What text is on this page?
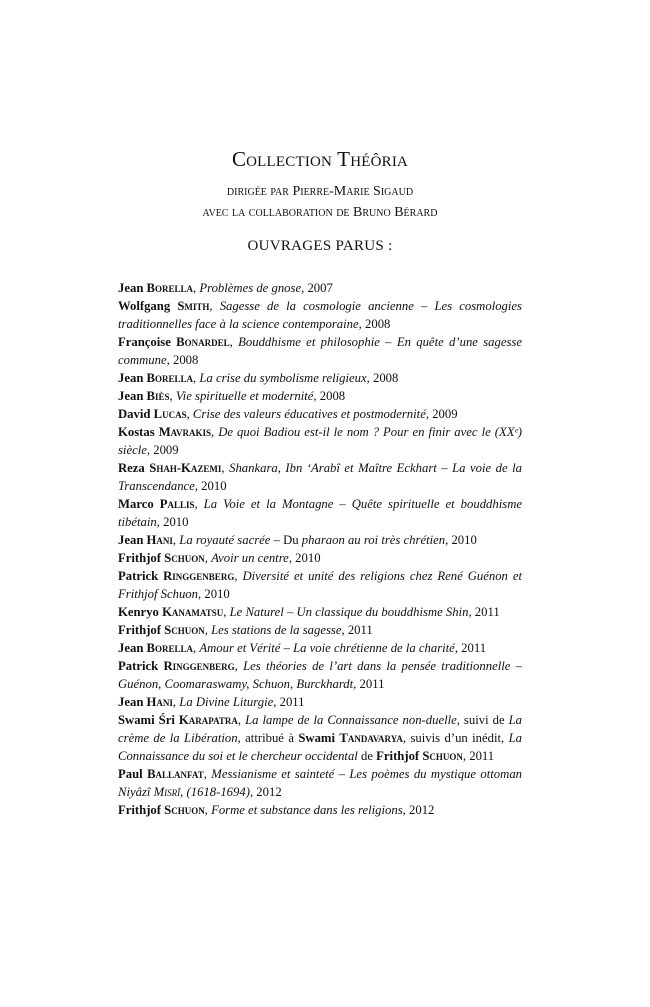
Collection Théôria
dirigée par Pierre-Marie Sigaud
avec la collaboration de Bruno Bérard
OUVRAGES PARUS :

Jean Borella, Problèmes de gnose, 2007

Wolfgang Smith, Sagesse de la cosmologie ancienne – Les cosmologies traditionnelles face à la science contemporaine, 2008

Françoise Bonardel, Bouddhisme et philosophie – En quête d’une sagesse commune, 2008

Jean Borella, La crise du symbolisme religieux, 2008

Jean Biès, Vie spirituelle et modernité, 2008

David Lucas, Crise des valeurs éducatives et postmodernité, 2009

Kostas Mavrakis, De quoi Badiou est-il le nom ? Pour en finir avec le (XXᵉ) siècle, 2009

Reza Shah-Kazemi, Shankara, Ibn ‘Arabî et Maître Eckhart – La voie de la Transcendance, 2010

Marco Pallis, La Voie et la Montagne – Quête spirituelle et bouddhisme tibétain, 2010

Jean Hani, La royauté sacrée – Du pharaon au roi très chrétien, 2010

Frithjof Schuon, Avoir un centre, 2010

Patrick Ringgenberg, Diversité et unité des religions chez René Guénon et Frithjof Schuon, 2010

Kenryo Kanamatsu, Le Naturel – Un classique du bouddhisme Shin, 2011

Frithjof Schuon, Les stations de la sagesse, 2011

Jean Borella, Amour et Vérité – La voie chrétienne de la charité, 2011

Patrick Ringgenberg, Les théories de l’art dans la pensée traditionnelle – Guénon, Coomaraswamy, Schuon, Burckhardt, 2011

Jean Hani, La Divine Liturgie, 2011

Swami Śri Karapatra, La lampe de la Connaissance non-duelle, suivi de La crème de la Libération, attribué à Swami Tandavarya, suivis d’un inédit, La Connaissance du soi et le chercheur occidental de Frithjof Schuon, 2011

Paul Ballanfat, Messianisme et sainteté – Les poèmes du mystique ottoman Niyâzî Mısrî, (1618-1694), 2012

Frithjof Schuon, Forme et substance dans les religions, 2012
